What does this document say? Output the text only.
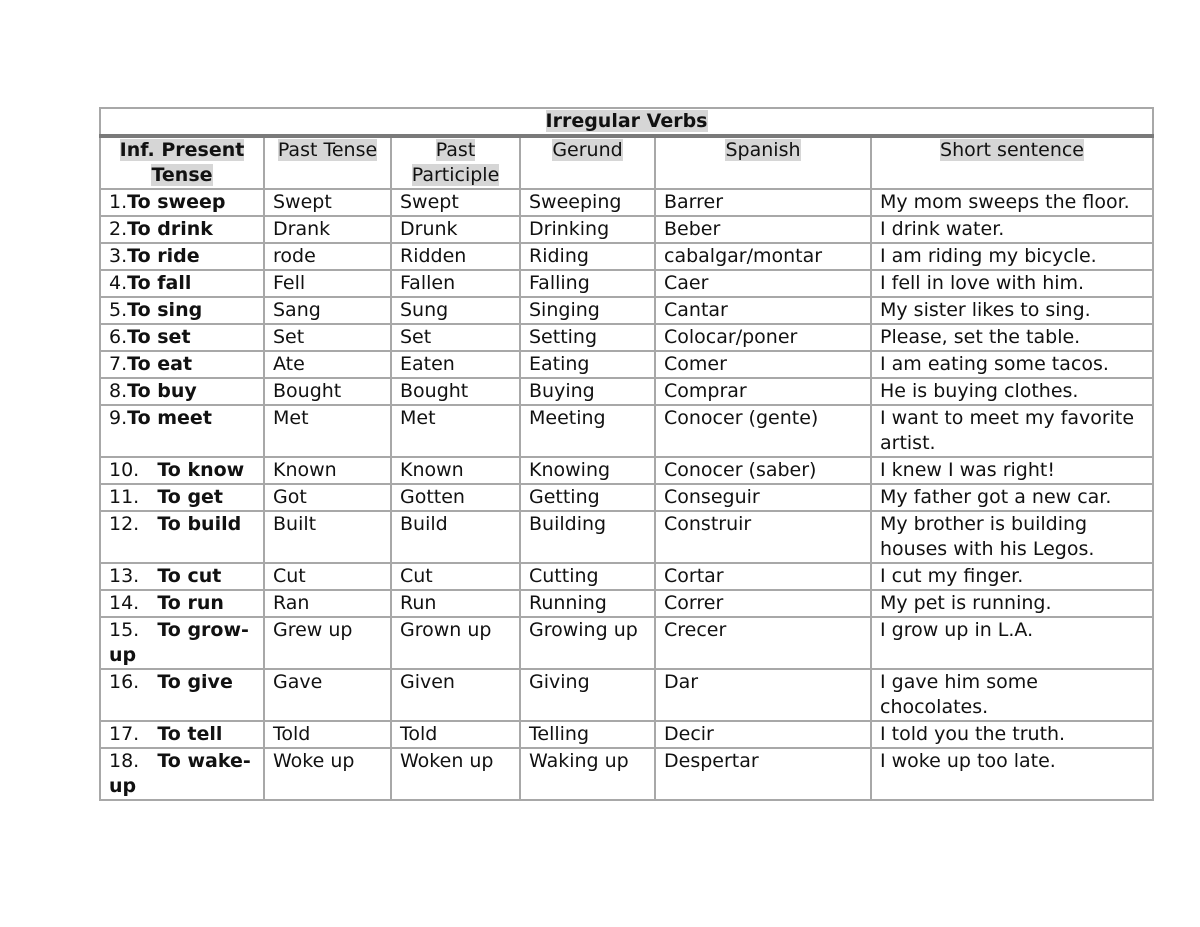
Irregular Verbs					
Inf. Present Tense	Past Tense	Past Participle	Gerund	Spanish	Short sentence
1.To sweep	Swept	Swept	Sweeping	Barrer	My mom sweeps the floor.
2.To drink	Drank	Drunk	Drinking	Beber	I drink water.
3.To ride	rode	Ridden	Riding	cabalgar/montar	I am riding my bicycle.
4.To fall	Fell	Fallen	Falling	Caer	I fell in love with him.
5.To sing	Sang	Sung	Singing	Cantar	My sister likes to sing.
6.To set	Set	Set	Setting	Colocar/poner	Please, set the table.
7.To eat	Ate	Eaten	Eating	Comer	I am eating some tacos.
8.To buy	Bought	Bought	Buying	Comprar	He is buying clothes.
9.To meet	Met	Met	Meeting	Conocer (gente)	I want to meet my favorite artist.
10. To know	Known	Known	Knowing	Conocer (saber)	I knew I was right!
11. To get	Got	Gotten	Getting	Conseguir	My father got a new car.
12. To build	Built	Build	Building	Construir	My brother is building houses with his Legos.
13. To cut	Cut	Cut	Cutting	Cortar	I cut my finger.
14. To run	Ran	Run	Running	Correr	My pet is running.
15. To grow-up	Grew up	Grown up	Growing up	Crecer	I grow up in L.A.
16. To give	Gave	Given	Giving	Dar	I gave him some chocolates.
17. To tell	Told	Told	Telling	Decir	I told you the truth.
18. To wake-up	Woke up	Woken up	Waking up	Despertar	I woke up too late.
